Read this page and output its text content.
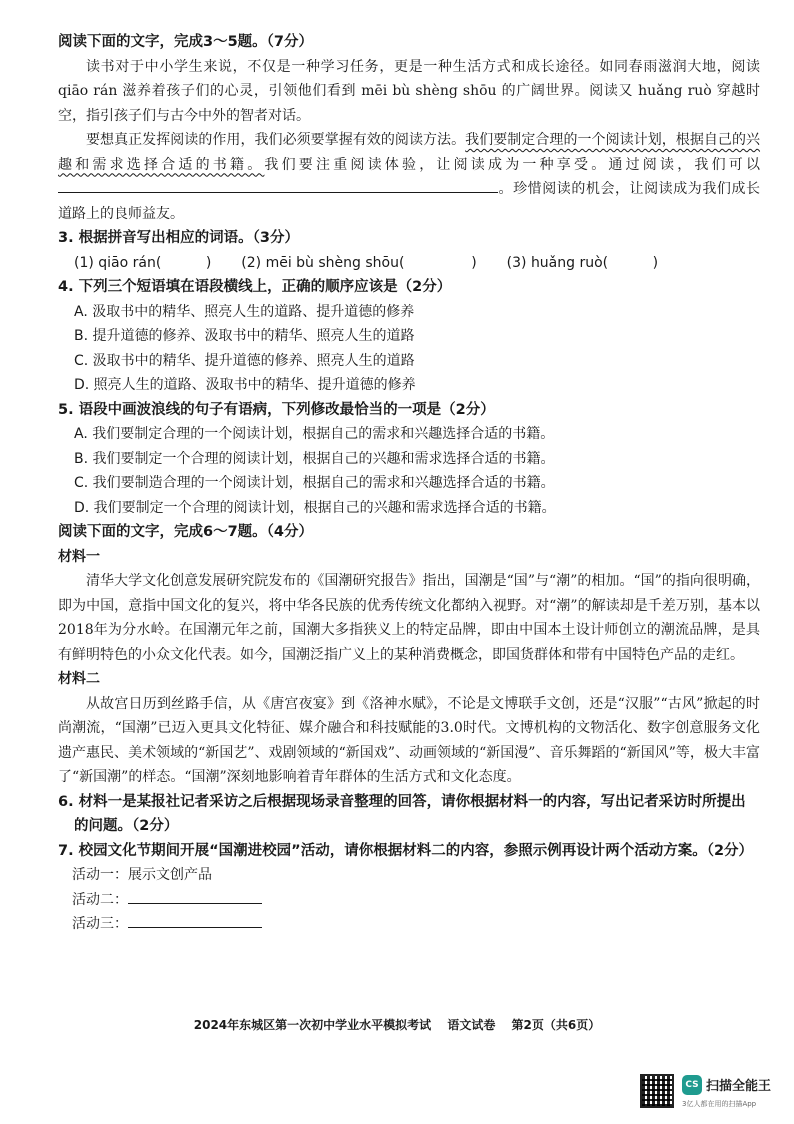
阅读下面的文字，完成3～5题。（7分）

读书对于中小学生来说，不仅是一种学习任务，更是一种生活方式和成长途径。如同春雨滋润大地，阅读 qiāo rán 滋养着孩子们的心灵，引领他们看到 mēi bù shèng shōu 的广阔世界。阅读又 huǎng ruò 穿越时空，指引孩子们与古今中外的智者对话。

要想真正发挥阅读的作用，我们必须要掌握有效的阅读方法。我们要制定合理的一个阅读计划，根据自己的兴趣和需求选择合适的书籍。我们要注重阅读体验，让阅读成为一种享受。通过阅读，我们可以。珍惜阅读的机会，让阅读成为我们成长道路上的良师益友。

3. 根据拼音写出相应的词语。（3分）

(1) qiāo rán(          ) (2) mēi bù shèng shōu(               ) (3) huǎng ruò(          )

4. 下列三个短语填在语段横线上，正确的顺序应该是（2分）

A. 汲取书中的精华、照亮人生的道路、提升道德的修养

B. 提升道德的修养、汲取书中的精华、照亮人生的道路

C. 汲取书中的精华、提升道德的修养、照亮人生的道路

D. 照亮人生的道路、汲取书中的精华、提升道德的修养

5. 语段中画波浪线的句子有语病，下列修改最恰当的一项是（2分）

A. 我们要制定合理的一个阅读计划，根据自己的需求和兴趣选择合适的书籍。

B. 我们要制定一个合理的阅读计划，根据自己的兴趣和需求选择合适的书籍。

C. 我们要制造合理的一个阅读计划，根据自己的需求和兴趣选择合适的书籍。

D. 我们要制定一个合理的阅读计划，根据自己的兴趣和需求选择合适的书籍。

阅读下面的文字，完成6～7题。（4分）

材料一

清华大学文化创意发展研究院发布的《国潮研究报告》指出，国潮是“国”与“潮”的相加。“国”的指向很明确，即为中国，意指中国文化的复兴，将中华各民族的优秀传统文化都纳入视野。对“潮”的解读却是千差万别，基本以2018年为分水岭。在国潮元年之前，国潮大多指狭义上的特定品牌，即由中国本土设计师创立的潮流品牌，是具有鲜明特色的小众文化代表。如今，国潮泛指广义上的某种消费概念，即国货群体和带有中国特色产品的走红。

材料二

从故宫日历到丝路手信，从《唐宫夜宴》到《洛神水赋》，不论是文博联手文创，还是“汉服”“古风”掀起的时尚潮流，“国潮”已迈入更具文化特征、媒介融合和科技赋能的3.0时代。文博机构的文物活化、数字创意服务文化遗产惠民、美术领域的“新国艺”、戏剧领域的“新国戏”、动画领域的“新国漫”、音乐舞蹈的“新国风”等，极大丰富了“新国潮”的样态。“国潮”深刻地影响着青年群体的生活方式和文化态度。

6. 材料一是某报社记者采访之后根据现场录音整理的回答，请你根据材料一的内容，写出记者采访时所提出的问题。（2分）

7. 校园文化节期间开展“国潮进校园”活动，请你根据材料二的内容，参照示例再设计两个活动方案。（2分）

活动一：展示文创产品

活动二：

活动三：

2024年东城区第一次初中学业水平模拟考试 语文试卷 第2页（共6页）
CS 扫描全能王
3亿人都在用的扫描App
